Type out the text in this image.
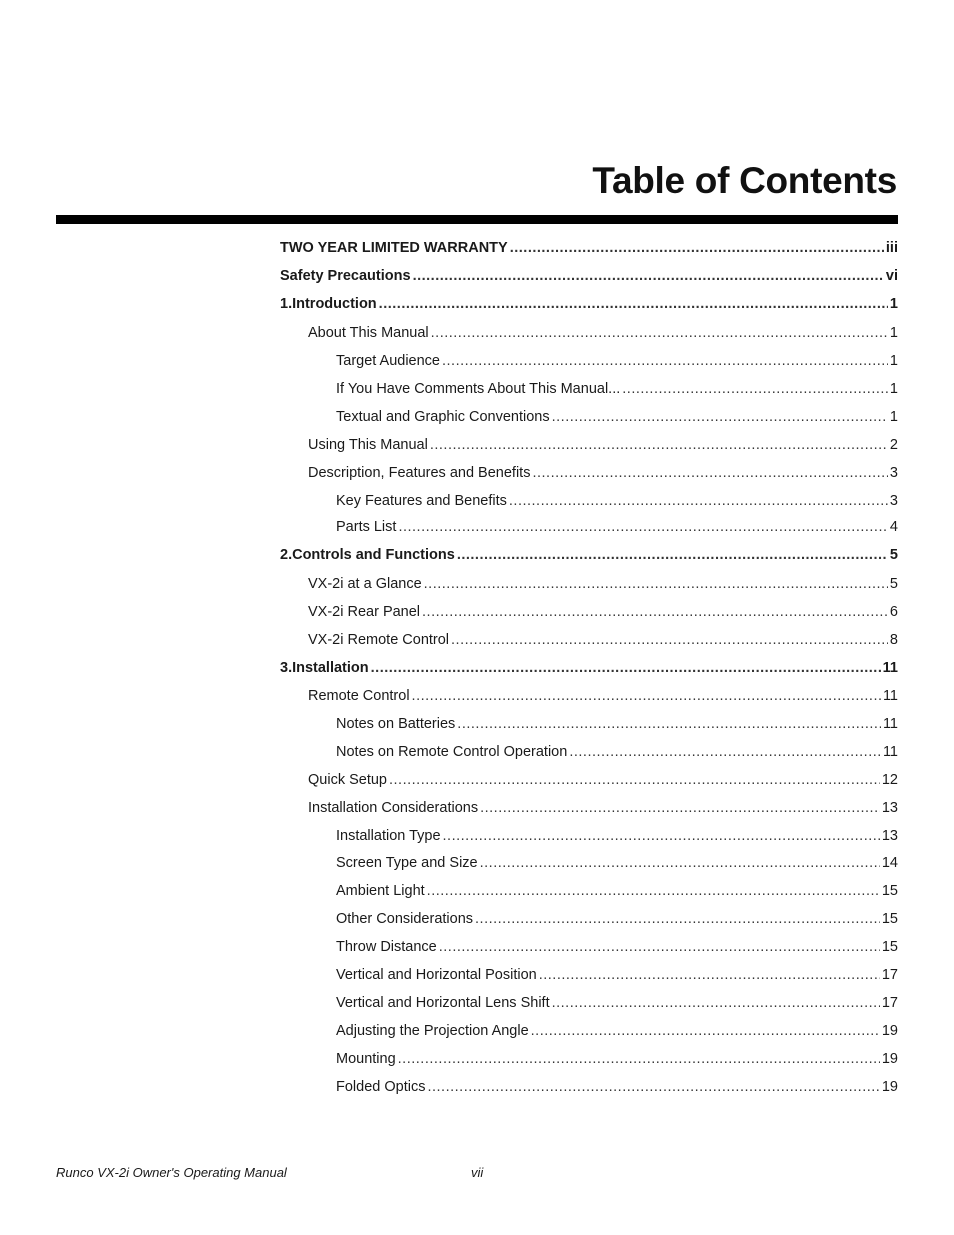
Table of Contents
TWO YEAR LIMITED WARRANTY .....	iii
Safety Precautions .....	vi
1. Introduction .....	1
About This Manual .....	1
Target Audience .....	1
If You Have Comments About This Manual... .....	1
Textual and Graphic Conventions .....	1
Using This Manual .....	2
Description, Features and Benefits .....	3
Key Features and Benefits .....	3
Parts List .....	4
2. Controls and Functions .....	5
VX-2i at a Glance .....	5
VX-2i Rear Panel .....	6
VX-2i Remote Control .....	8
3. Installation .....	11
Remote Control .....	11
Notes on Batteries .....	11
Notes on Remote Control Operation .....	11
Quick Setup .....	12
Installation Considerations .....	13
Installation Type .....	13
Screen Type and Size .....	14
Ambient Light .....	15
Other Considerations .....	15
Throw Distance .....	15
Vertical and Horizontal Position .....	17
Vertical and Horizontal Lens Shift .....	17
Adjusting the Projection Angle .....	19
Mounting .....	19
Folded Optics .....	19
Runco VX-2i Owner's Operating Manual	vii
